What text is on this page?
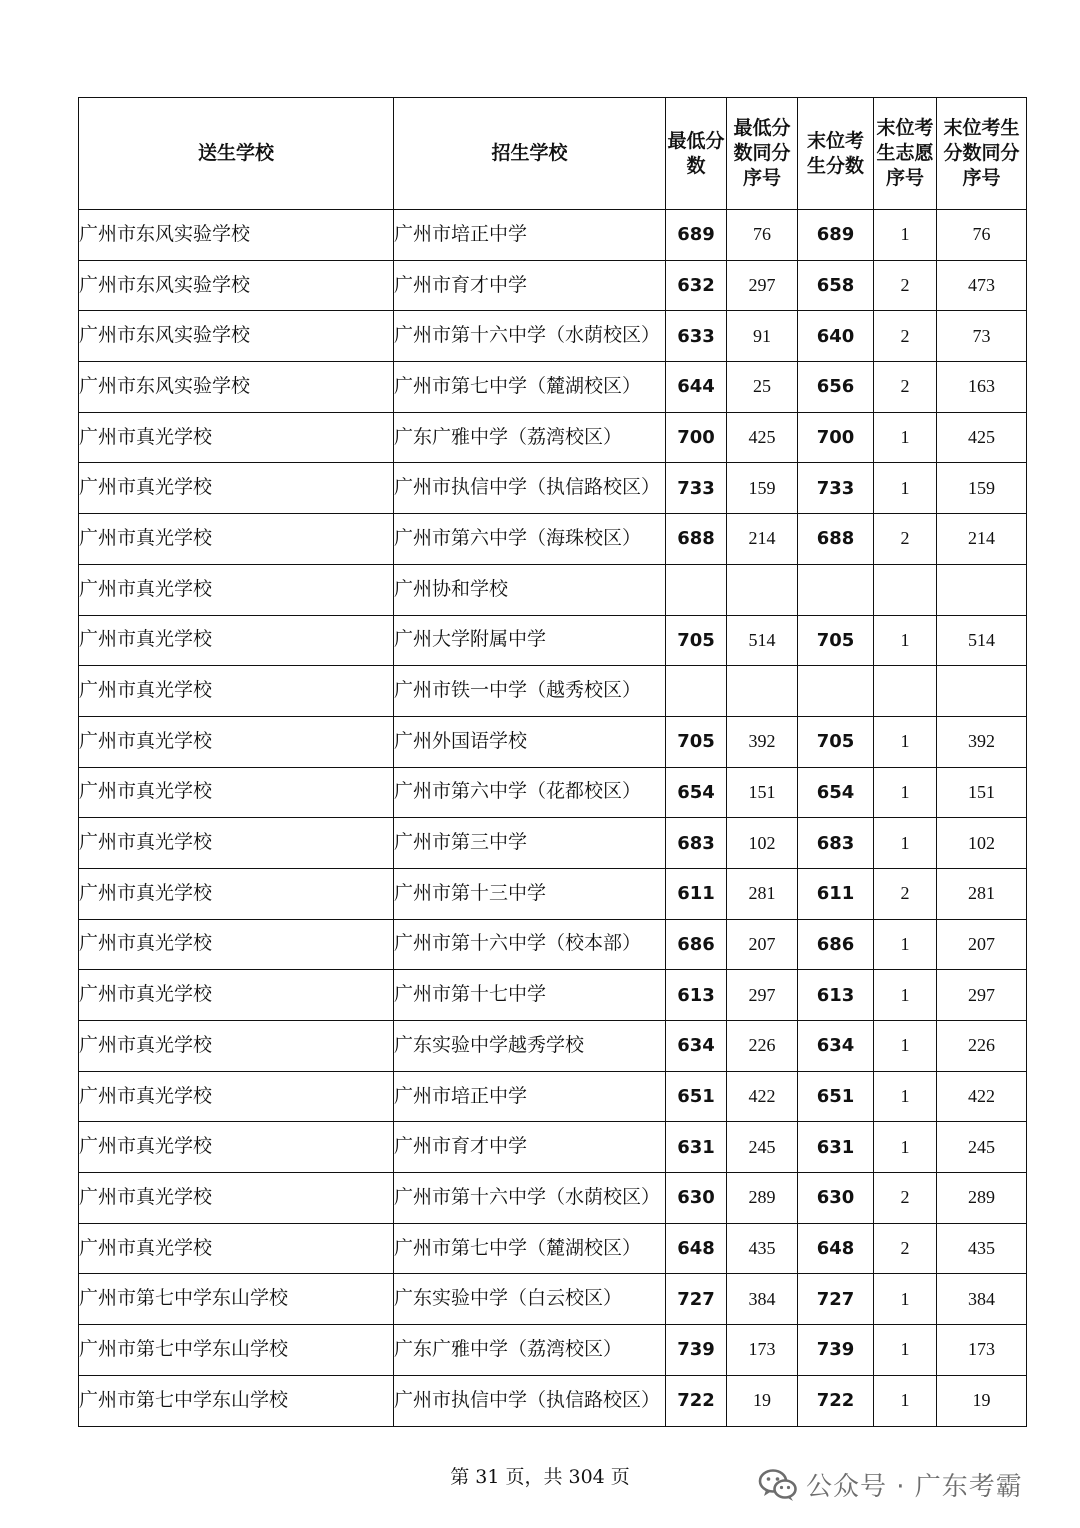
送生学校	招生学校	最低分数	最低分数同分序号	末位考生分数	末位考生志愿序号	末位考生分数同分序号
广州市东风实验学校	广州市培正中学	689	76	689	1	76
广州市东风实验学校	广州市育才中学	632	297	658	2	473
广州市东风实验学校	广州市第十六中学（水荫校区）	633	91	640	2	73
广州市东风实验学校	广州市第七中学（麓湖校区）	644	25	656	2	163
广州市真光学校	广东广雅中学（荔湾校区）	700	425	700	1	425
广州市真光学校	广州市执信中学（执信路校区）	733	159	733	1	159
广州市真光学校	广州市第六中学（海珠校区）	688	214	688	2	214
广州市真光学校	广州协和学校					
广州市真光学校	广州大学附属中学	705	514	705	1	514
广州市真光学校	广州市铁一中学（越秀校区）					
广州市真光学校	广州外国语学校	705	392	705	1	392
广州市真光学校	广州市第六中学（花都校区）	654	151	654	1	151
广州市真光学校	广州市第三中学	683	102	683	1	102
广州市真光学校	广州市第十三中学	611	281	611	2	281
广州市真光学校	广州市第十六中学（校本部）	686	207	686	1	207
广州市真光学校	广州市第十七中学	613	297	613	1	297
广州市真光学校	广东实验中学越秀学校	634	226	634	1	226
广州市真光学校	广州市培正中学	651	422	651	1	422
广州市真光学校	广州市育才中学	631	245	631	1	245
广州市真光学校	广州市第十六中学（水荫校区）	630	289	630	2	289
广州市真光学校	广州市第七中学（麓湖校区）	648	435	648	2	435
广州市第七中学东山学校	广东实验中学（白云校区）	727	384	727	1	384
广州市第七中学东山学校	广东广雅中学（荔湾校区）	739	173	739	1	173
广州市第七中学东山学校	广州市执信中学（执信路校区）	722	19	722	1	19
第 31 页，共 304 页	公众号 · 广东考霸
